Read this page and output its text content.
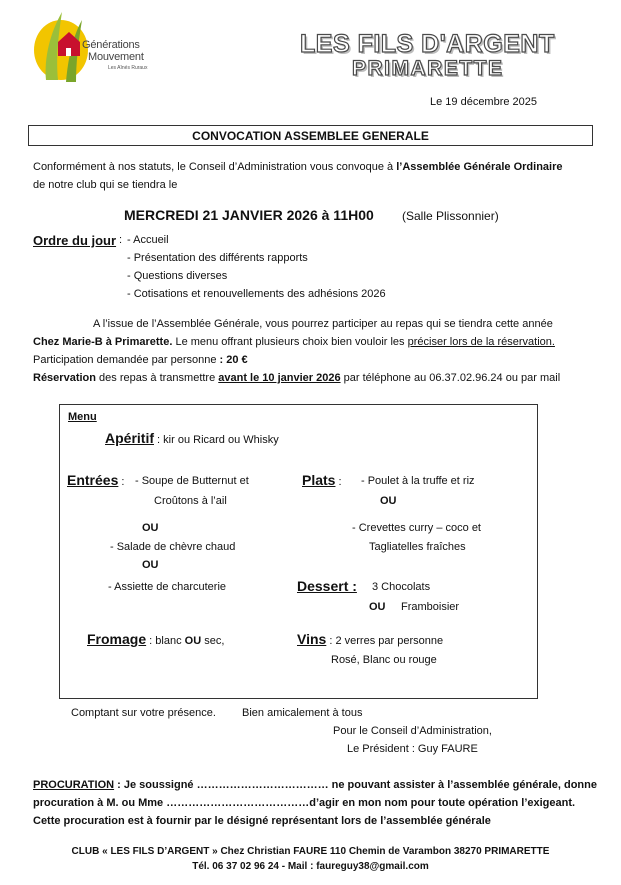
Générations
Mouvement
Les Aînés Ruraux
LES FILS D'ARGENT
PRIMARETTE
Le 19 décembre 2025
CONVOCATION ASSEMBLEE GENERALE
Conformément à nos statuts, le Conseil d’Administration vous convoque à l’Assemblée Générale Ordinaire
de notre club qui se tiendra le
MERCREDI 21 JANVIER 2026 à 11H00 (Salle Plissonnier)
Ordre du jour : - Accueil
- Présentation des différents rapports
- Questions diverses
- Cotisations et renouvellements des adhésions 2026
A l’issue de l’Assemblée Générale, vous pourrez participer au repas qui se tiendra cette année
Chez Marie-B à Primarette. Le menu offrant plusieurs choix bien vouloir les préciser lors de la réservation.
Participation demandée par personne : 20 €
Réservation des repas à transmettre avant le 10 janvier 2026 par téléphone au 06.37.02.96.24 ou par mail
Menu
Apéritif : kir ou Ricard ou Whisky
Entrées : - Soupe de Butternut et
Croûtons à l’ail
OU
- Salade de chèvre chaud
OU
- Assiette de charcuterie
Plats : - Poulet à la truffe et riz
OU
- Crevettes curry – coco et
Tagliatelles fraîches
Dessert : 3 Chocolats
OU Framboisier
Fromage : blanc OU sec,	Vins : 2 verres par personne
Rosé, Blanc ou rouge
Comptant sur votre présence. Bien amicalement à tous
Pour le Conseil d’Administration,
Le Président : Guy FAURE
PROCURATION : Je soussigné ……………………………… ne pouvant assister à l’assemblée générale, donne
procuration à M. ou Mme …………………………………d’agir en mon nom pour toute opération l’exigeant.
Cette procuration est à fournir par le désigné représentant lors de l’assemblée générale
CLUB « LES FILS D’ARGENT » Chez Christian FAURE 110 Chemin de Varambon 38270 PRIMARETTE
Tél. 06 37 02 96 24 - Mail : faureguy38@gmail.com
